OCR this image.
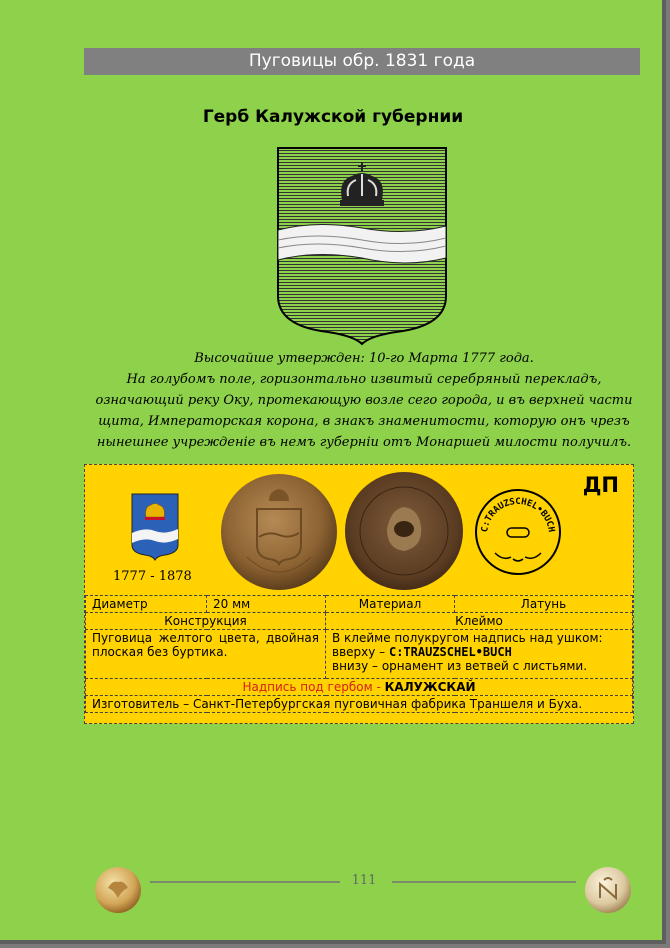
Пуговицы обр. 1831 года
Герб Калужской губернии
Высочайше утвержден: 10-го Марта 1777 года.
На голубомъ поле, горизонтально извитый серебряный перекладъ,
означающий реку Оку, протекающую возле сего города, и въ верхней части
щита, Императорская корона, в знакъ знаменитости, которую онъ чрезъ
нынешнее учрежденіе въ немъ губерніи отъ Монаршей милости получилъ.
ДП
1777 - 1878
C:TRAUZSCHEL•BUCH
Диаметр	20 мм	Материал	Латунь
Конструкция		Клеймо	
Пуговица желтого цвета, двойная плоская без буртика.		В клейме полукругом надпись над ушком:
вверху – C:TRAUZSCHEL•BUCH
внизу – орнамент из ветвей с листьями.	

Надпись под гербом - КАЛУЖСКАЙ			
Изготовитель – Санкт-Петербургская пуговичная фабрика Траншеля и Буха.			
111
